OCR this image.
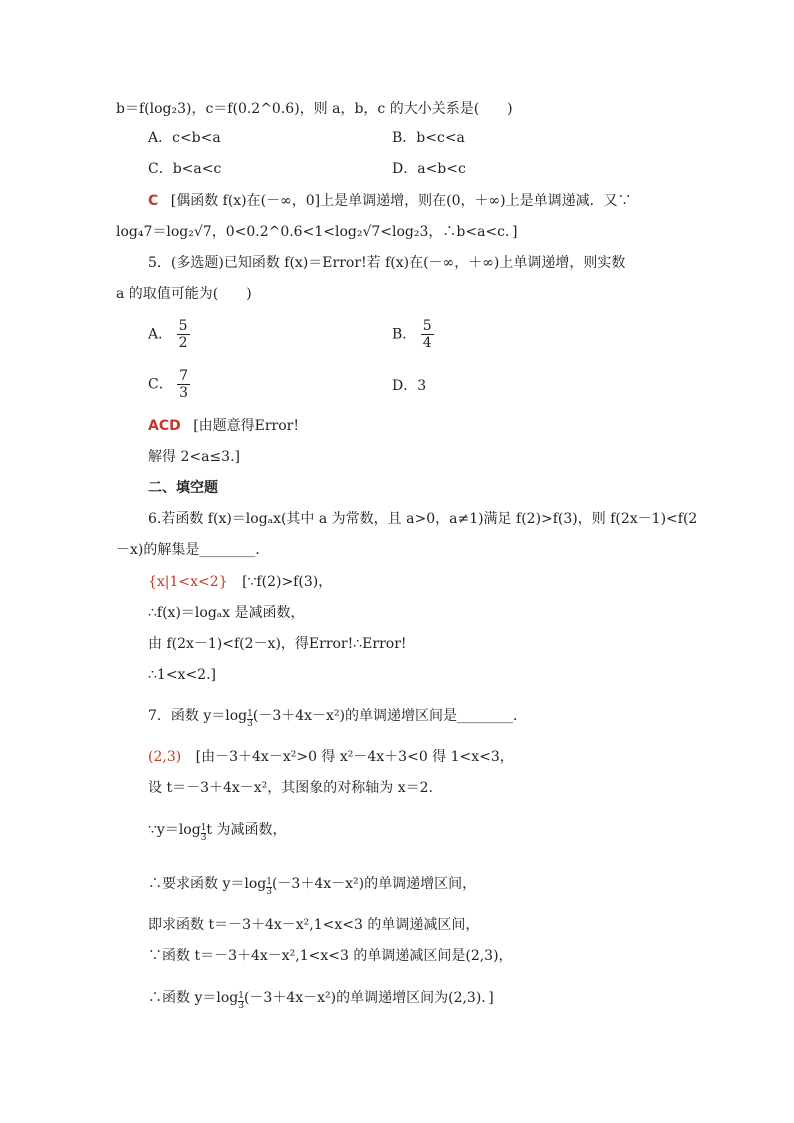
b＝f(log₂3)，c＝f(0.2^0.6)，则 a，b，c 的大小关系是(　　)
A．c<b<a	B．b<c<a
C．b<a<c	D．a<b<c
C [偶函数 f(x)在(－∞，0]上是单调递增，则在(0，＋∞)上是单调递减．又∵
log₄7＝log₂√7，0<0.2^0.6<1<log₂√7<log₂3，∴b<a<c．]
5．(多选题)已知函数 f(x)＝Error!若 f(x)在(－∞，＋∞)上单调递增，则实数
a 的取值可能为(　　)
A． $\frac{5}{2}$	B． $\frac{5}{4}$
C． $\frac{7}{3}$	D．3
ACD [由题意得Error!
解得 2<a≤3.]
二、填空题
6.若函数 f(x)＝logₐx(其中 a 为常数，且 a>0，a≠1)满足 f(2)>f(3)，则 f(2x－1)<f(2
－x)的解集是________．
{x|1<x<2} [∵f(2)>f(3)，
∴f(x)＝logₐx 是减函数，
由 f(2x－1)<f(2－x)，得Error!∴Error!
∴1<x<2.]
7．函数 $y=\log \frac{1}{3} (-3+4x-x^2)$的单调递增区间是________．
(2,3) [由－3＋4x－x²>0 得 x²－4x＋3<0 得 1<x<3，
设 t＝－3＋4x－x²，其图象的对称轴为 x＝2.
∵y＝log $\frac{1}{3}$ t 为减函数，
∴要求函数 $y=\log \frac{1}{3} (-3+4x-x^2)$的单调递增区间，
即求函数 t＝－3＋4x－x²,1<x<3 的单调递减区间，
∵函数 t＝－3＋4x－x²,1<x<3 的单调递减区间是(2,3)，
∴函数 $y=\log \frac{1}{3} (-3+4x-x^2)$的单调递增区间为(2,3)．]
